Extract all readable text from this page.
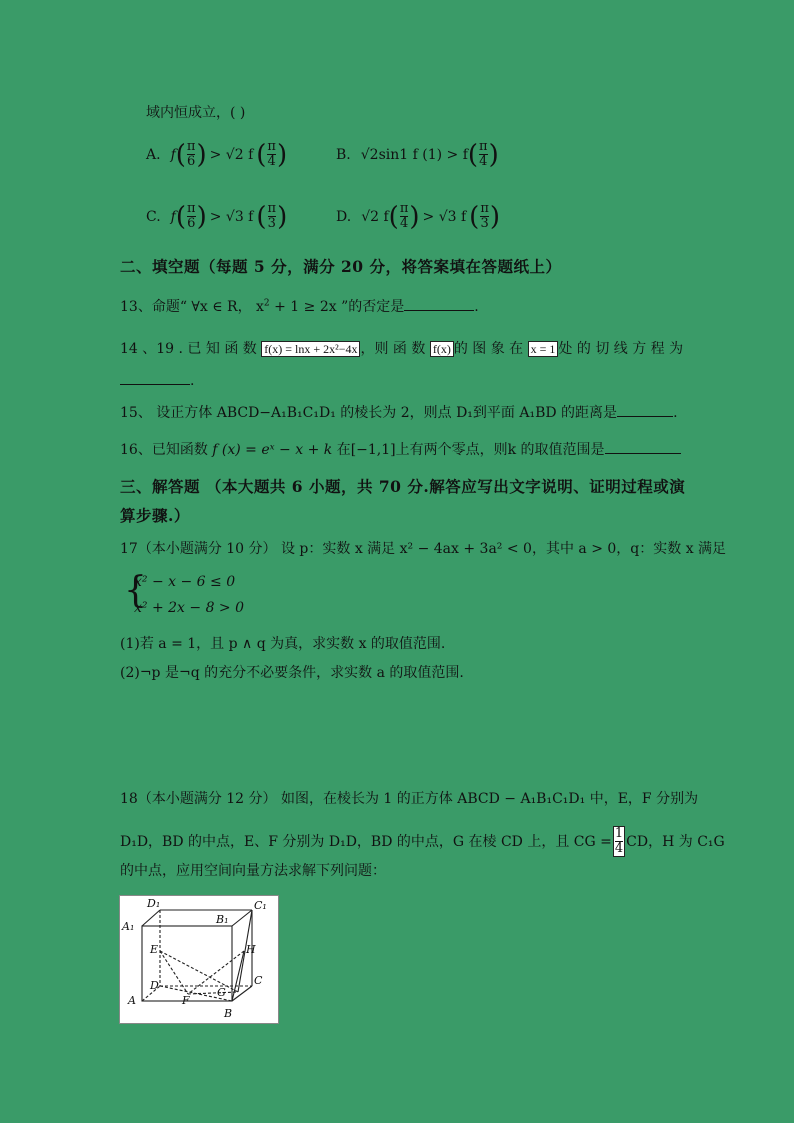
域内恒成立，( )
A. f ( $\frac{\pi}{6}$ ) > √2 f ( $\frac{\pi}{4}$ )	B. √2sin1 f (1) > f ( $\frac{\pi}{4}$ )
C. f ( $\frac{\pi}{6}$ ) > √3 f ( $\frac{\pi}{3}$ )	D. √2 f ( $\frac{\pi}{4}$ ) > √3 f ( $\frac{\pi}{3}$ )
二、填空题（每题 5 分，满分 20 分，将答案填在答题纸上）
13、命题“ ∀x ∈ R， $x^2 + 1 \ge 2x$ ”的否定是	.
14 、19 . 已 知 函 数 f(x) = lnx + 2x²−4x ，则 函 数 f(x) 的 图 象 在 x = 1 处 的 切 线 方 程 为
.
15、 设正方体 ABCD−A₁B₁C₁D₁ 的棱长为 2，则点 D₁到平面 A₁BD 的距离是	.
16、已知函数 f (x) = eˣ − x + k 在[−1,1]上有两个零点，则k 的取值范围是
三、解答题 （本大题共 6 小题，共 70 分.解答应写出文字说明、证明过程或演
算步骤.）
17（本小题满分 10 分） 设 p：实数 x 满足 x² − 4ax + 3a² < 0，其中 a > 0，q：实数 x 满足
{
x² − x − 6 ≤ 0
x² + 2x − 8 > 0
(1)若 a = 1，且 p ∧ q 为真，求实数 x 的取值范围.
(2)¬p 是¬q 的充分不必要条件，求实数 a 的取值范围.
18（本小题满分 12 分） 如图，在棱长为 1 的正方体 ABCD − A₁B₁C₁D₁ 中，E，F 分别为
D₁D，BD 的中点，E、F 分别为 D₁D，BD 的中点，G 在棱 CD 上，且 CG = $\frac{1}{4}$ CD，H 为 C₁G
的中点，应用空间向量方法求解下列问题：
D₁	C₁
A₁
B₁
E	H
D	C
A	F
G
B
